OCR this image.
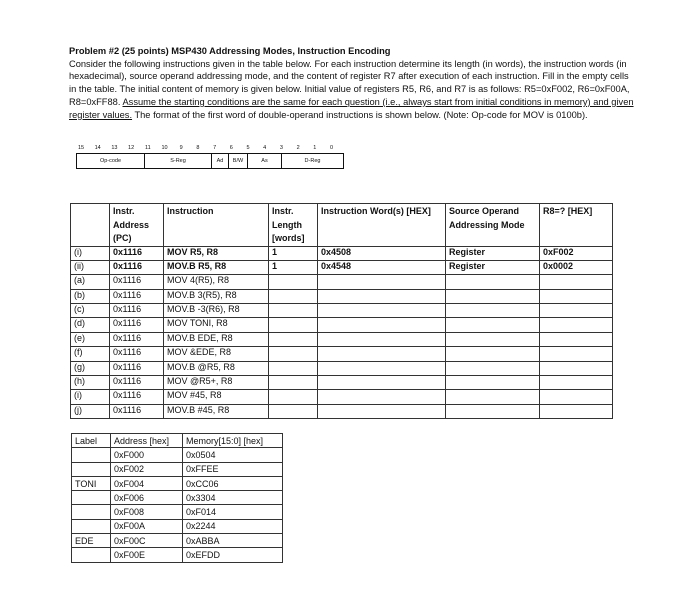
Problem #2 (25 points) MSP430 Addressing Modes, Instruction Encoding
Consider the following instructions given in the table below. For each instruction determine its length (in words), the instruction words (in hexadecimal), source operand addressing mode, and the content of register R7 after execution of each instruction. Fill in the empty cells in the table. The initial content of memory is given below. Initial value of registers R5, R6, and R7 is as follows: R5=0xF002, R6=0xF00A, R8=0xFF88. Assume the starting conditions are the same for each question (i.e., always start from initial conditions in memory) and given register values. The format of the first word of double-operand instructions is shown below. (Note: Op-code for MOV is 0100b).
15 14 13 12 11 10 9 8 7 6 5 4 3 2 1 0
Op-code	S-Reg	Ad	B/W	As	D-Reg
	Instr. Address (PC)	Instruction	Instr. Length [words]	Instruction Word(s) [HEX]	Source Operand Addressing Mode	R8=? [HEX]
(i)	0x1116	MOV R5, R8	1	0x4508	Register	0xF002
(ii)	0x1116	MOV.B R5, R8	1	0x4548	Register	0x0002
(a)	0x1116	MOV 4(R5), R8				
(b)	0x1116	MOV.B 3(R5), R8				
(c)	0x1116	MOV.B -3(R6), R8				
(d)	0x1116	MOV TONI, R8				
(e)	0x1116	MOV.B EDE, R8				
(f)	0x1116	MOV &EDE, R8				
(g)	0x1116	MOV.B @R5, R8				
(h)	0x1116	MOV @R5+, R8				
(i)	0x1116	MOV #45, R8				
(j)	0x1116	MOV.B #45, R8				
Label	Address [hex]	Memory[15:0] [hex]
	0xF000	0x0504
	0xF002	0xFFEE
TONI	0xF004	0xCC06
	0xF006	0x3304
	0xF008	0xF014
	0xF00A	0x2244
EDE	0xF00C	0xABBA
	0xF00E	0xEFDD
